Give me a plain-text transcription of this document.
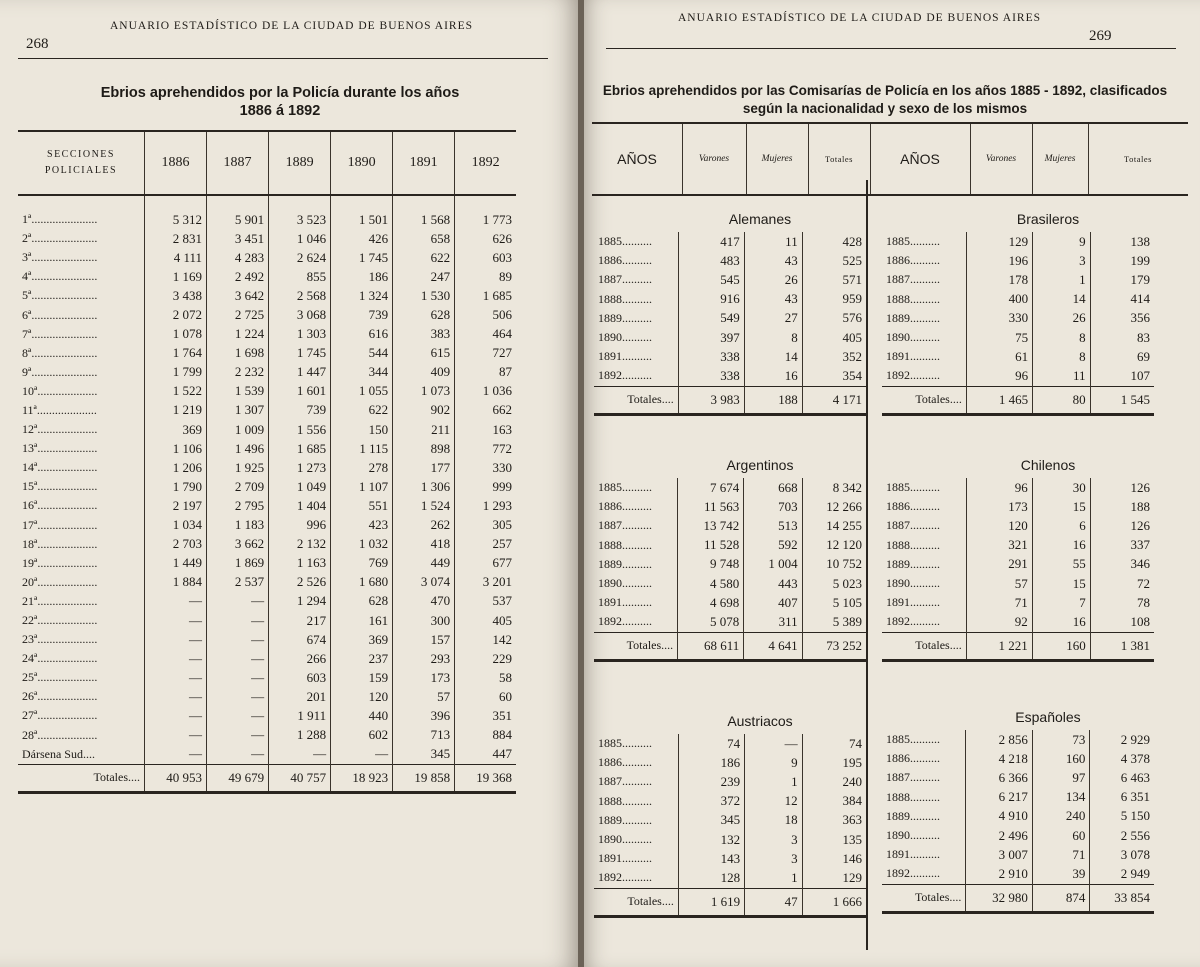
268
ANUARIO ESTADÍSTICO DE LA CIUDAD DE BUENOS AIRES
Ebrios aprehendidos por la Policía durante los años
1886 á 1892
SECCIONES POLICIALES	1886	1887	1889	1890	1891	1892

1ª......................	5 312	5 901	3 523	1 501	1 568	1 773
2ª......................	2 831	3 451	1 046	426	658	626
3ª......................	4 111	4 283	2 624	1 745	622	603
4ª......................	1 169	2 492	855	186	247	89
5ª......................	3 438	3 642	2 568	1 324	1 530	1 685
6ª......................	2 072	2 725	3 068	739	628	506
7ª......................	1 078	1 224	1 303	616	383	464
8ª......................	1 764	1 698	1 745	544	615	727
9ª......................	1 799	2 232	1 447	344	409	87
10ª....................	1 522	1 539	1 601	1 055	1 073	1 036
11ª....................	1 219	1 307	739	622	902	662
12ª....................	369	1 009	1 556	150	211	163
13ª....................	1 106	1 496	1 685	1 115	898	772
14ª....................	1 206	1 925	1 273	278	177	330
15ª....................	1 790	2 709	1 049	1 107	1 306	999
16ª....................	2 197	2 795	1 404	551	1 524	1 293
17ª....................	1 034	1 183	996	423	262	305
18ª....................	2 703	3 662	2 132	1 032	418	257
19ª....................	1 449	1 869	1 163	769	449	677
20ª....................	1 884	2 537	2 526	1 680	3 074	3 201
21ª....................	—	—	1 294	628	470	537
22ª....................	—	—	217	161	300	405
23ª....................	—	—	674	369	157	142
24ª....................	—	—	266	237	293	229
25ª....................	—	—	603	159	173	58
26ª....................	—	—	201	120	57	60
27ª....................	—	—	1 911	440	396	351
28ª....................	—	—	1 288	602	713	884
Dársena Sud....	—	—	—	—	345	447
Totales....	40 953	49 679	40 757	18 923	19 858	19 368
ANUARIO ESTADÍSTICO DE LA CIUDAD DE BUENOS AIRES
269
Ebrios aprehendidos por las Comisarías de Policía en los años 1885 - 1892, clasificados
según la nacionalidad y sexo de los mismos
AÑOS	Varones	Mujeres	Totales	AÑOS	Varones	Mujeres	Totales
Alemanes
1885..........	417	11	428
1886..........	483	43	525
1887..........	545	26	571
1888..........	916	43	959
1889..........	549	27	576
1890..........	397	8	405
1891..........	338	14	352
1892..........	338	16	354
Totales....	3 983	188	4 171
Brasileros
1885..........	129	9	138
1886..........	196	3	199
1887..........	178	1	179
1888..........	400	14	414
1889..........	330	26	356
1890..........	75	8	83
1891..........	61	8	69
1892..........	96	11	107
Totales....	1 465	80	1 545
Argentinos
1885..........	7 674	668	8 342
1886..........	11 563	703	12 266
1887..........	13 742	513	14 255
1888..........	11 528	592	12 120
1889..........	9 748	1 004	10 752
1890..........	4 580	443	5 023
1891..........	4 698	407	5 105
1892..........	5 078	311	5 389
Totales....	68 611	4 641	73 252
Chilenos
1885..........	96	30	126
1886..........	173	15	188
1887..........	120	6	126
1888..........	321	16	337
1889..........	291	55	346
1890..........	57	15	72
1891..........	71	7	78
1892..........	92	16	108
Totales....	1 221	160	1 381
Austriacos
1885..........	74	—	74
1886..........	186	9	195
1887..........	239	1	240
1888..........	372	12	384
1889..........	345	18	363
1890..........	132	3	135
1891..........	143	3	146
1892..........	128	1	129
Totales....	1 619	47	1 666
Españoles
1885..........	2 856	73	2 929
1886..........	4 218	160	4 378
1887..........	6 366	97	6 463
1888..........	6 217	134	6 351
1889..........	4 910	240	5 150
1890..........	2 496	60	2 556
1891..........	3 007	71	3 078
1892..........	2 910	39	2 949
Totales....	32 980	874	33 854
